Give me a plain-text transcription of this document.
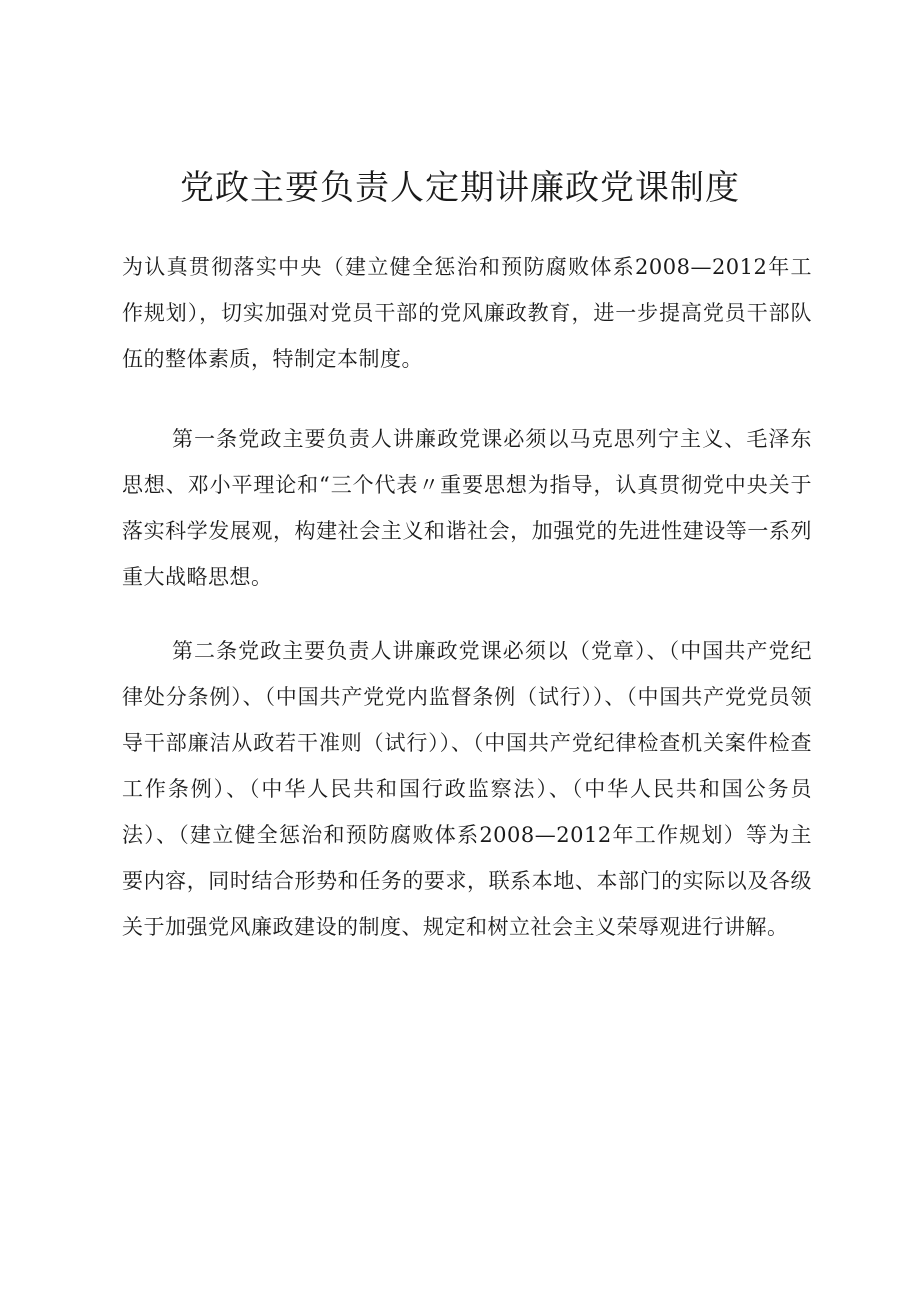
党政主要负责人定期讲廉政党课制度

为认真贯彻落实中央（建立健全惩治和预防腐败体系2008—2012年工作规划），切实加强对党员干部的党风廉政教育，进一步提高党员干部队伍的整体素质，特制定本制度。

第一条党政主要负责人讲廉政党课必须以马克思列宁主义、毛泽东思想、邓小平理论和“三个代表〃重要思想为指导，认真贯彻党中央关于落实科学发展观，构建社会主义和谐社会，加强党的先进性建设等一系列重大战略思想。

第二条党政主要负责人讲廉政党课必须以（党章）、（中国共产党纪律处分条例）、（中国共产党党内监督条例（试行））、（中国共产党党员领导干部廉洁从政若干准则（试行））、（中国共产党纪律检查机关案件检查工作条例）、（中华人民共和国行政监察法）、（中华人民共和国公务员法）、（建立健全惩治和预防腐败体系2008—2012年工作规划）等为主要内容，同时结合形势和任务的要求，联系本地、本部门的实际以及各级关于加强党风廉政建设的制度、规定和树立社会主义荣辱观进行讲解。
